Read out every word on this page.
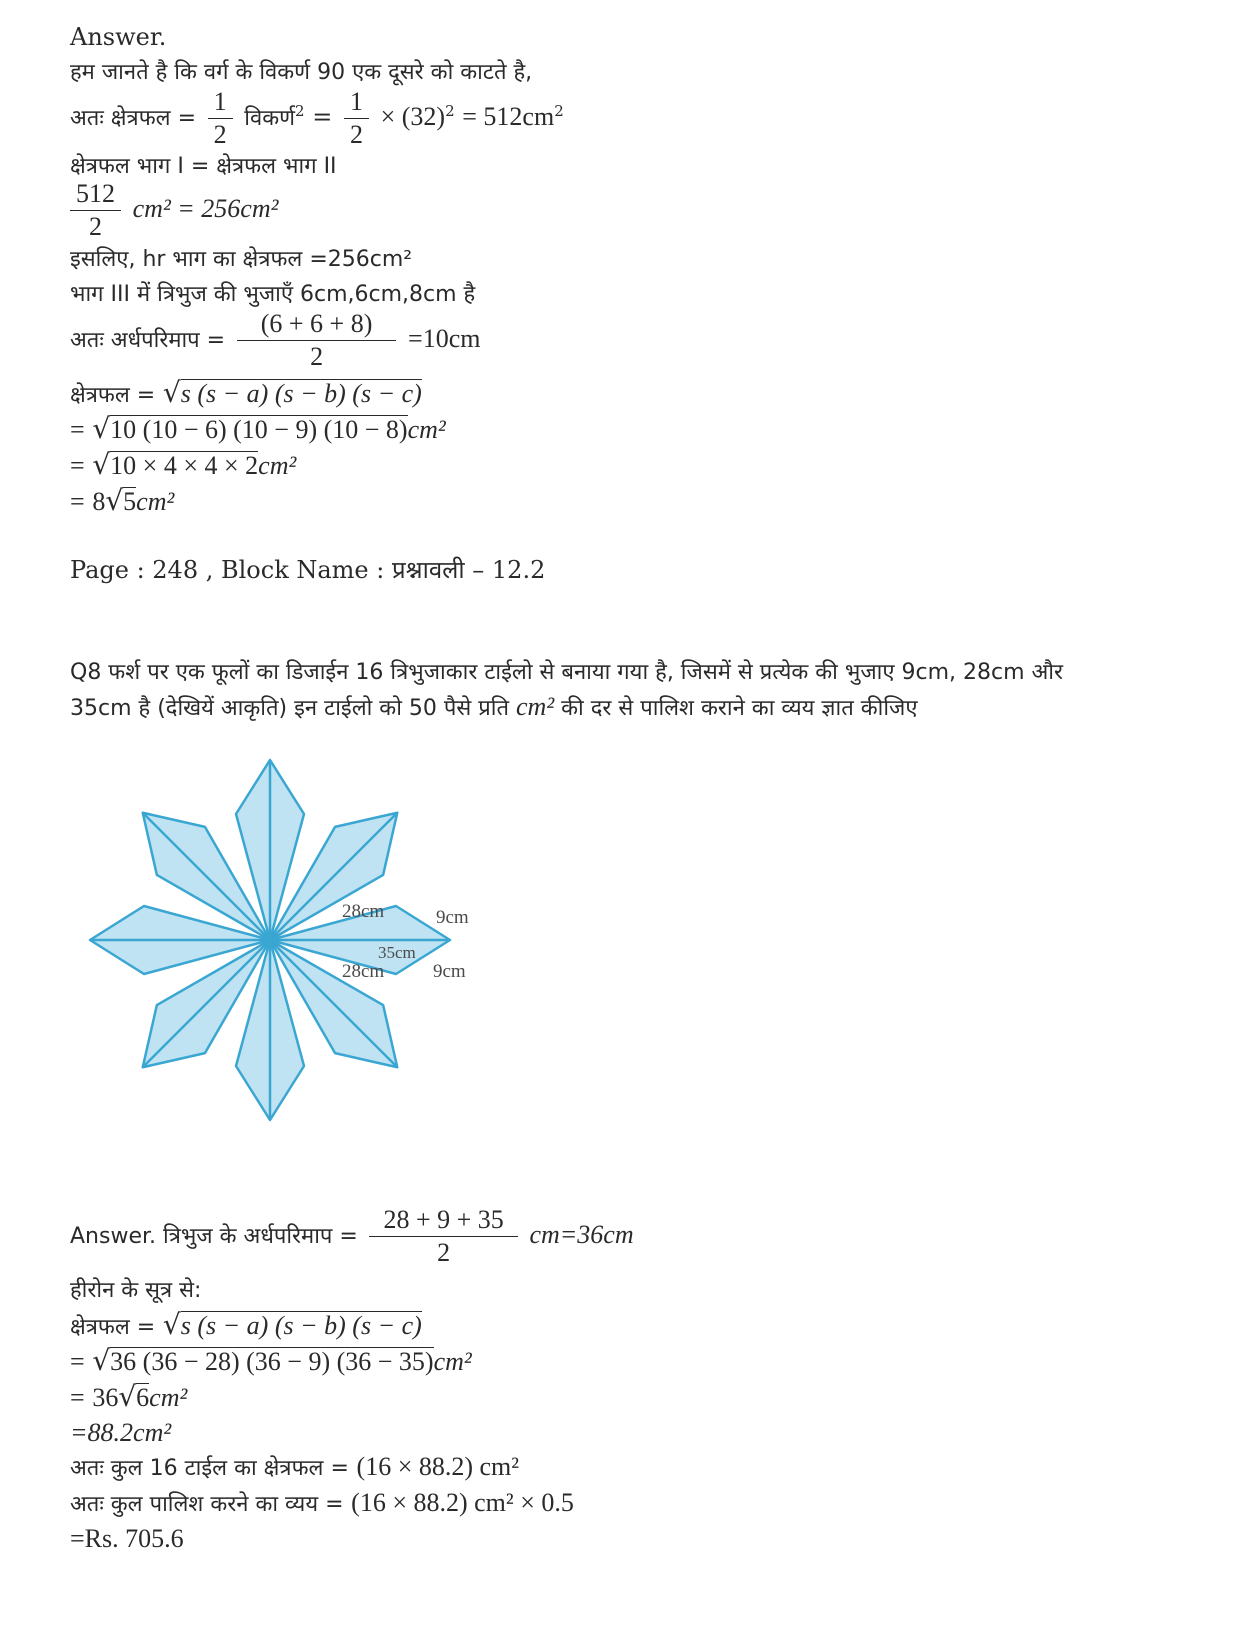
Answer.
हम जानते है कि वर्ग के विकर्ण 90 एक दूसरे को काटते है,
अतः क्षेत्रफल = $\frac{1}{2}$ विकर्ण$^2$ = $\frac{1}{2} \times (32)^2 = 512cm^2$
क्षेत्रफल भाग I = क्षेत्रफल भाग II
$\frac{512}{2} cm^2 = 256cm^2$
इसलिए, hr भाग का क्षेत्रफल =256cm²
भाग III में त्रिभुज की भुजाएँ 6cm,6cm,8cm है
अतः अर्धपरिमाप = $\frac{(6 + 6 + 8)}{2} =10cm$
क्षेत्रफल = √s (s − a) (s − b) (s − c)
= √10 (10 − 6) (10 − 9) (10 − 8)cm²
= √10 × 4 × 4 × 2cm²
= 8√5cm²
Page : 248 , Block Name : प्रश्नावली – 12.2
Q8 फर्श पर एक फूलों का डिजाईन 16 त्रिभुजाकार टाईलो से बनाया गया है, जिसमें से प्रत्येक की भुजाए 9cm, 28cm और
35cm है (देखियें आकृति) इन टाईलो को 50 पैसे प्रति cm² की दर से पालिश कराने का व्यय ज्ञात कीजिए
28cm	9cm
35cm
28cm	9cm
Answer. त्रिभुज के अर्धपरिमाप = $\frac{28 + 9 + 35}{2} cm=36cm$
हीरोन के सूत्र से:
क्षेत्रफल = √s (s − a) (s − b) (s − c)
= √36 (36 − 28) (36 − 9) (36 − 35)cm²
= 36√6cm²
=88.2cm²
अतः कुल 16 टाईल का क्षेत्रफल = (16 × 88.2) cm²
अतः कुल पालिश करने का व्यय = (16 × 88.2) cm² × 0.5
=Rs. 705.6
